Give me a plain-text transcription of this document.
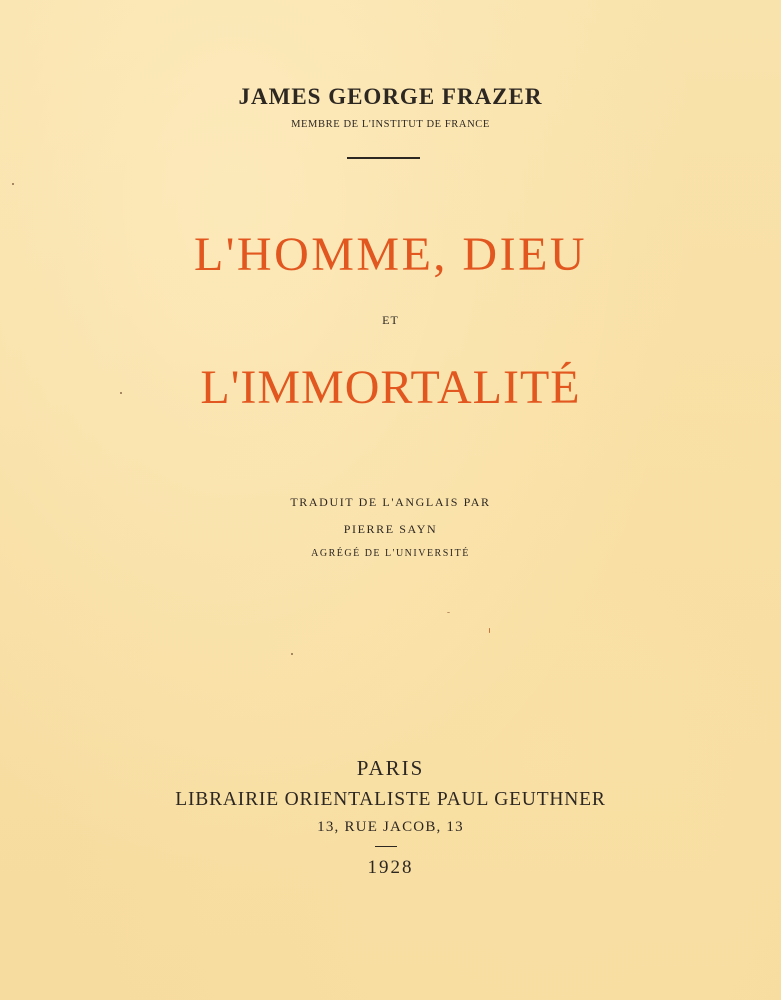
JAMES GEORGE FRAZER
MEMBRE DE L'INSTITUT DE FRANCE
L'HOMME, DIEU
ET
L'IMMORTALITÉ
TRADUIT DE L'ANGLAIS PAR
PIERRE SAYN
AGRÉGÉ DE L'UNIVERSITÉ
PARIS
LIBRAIRIE ORIENTALISTE PAUL GEUTHNER
13, RUE JACOB, 13
1928
